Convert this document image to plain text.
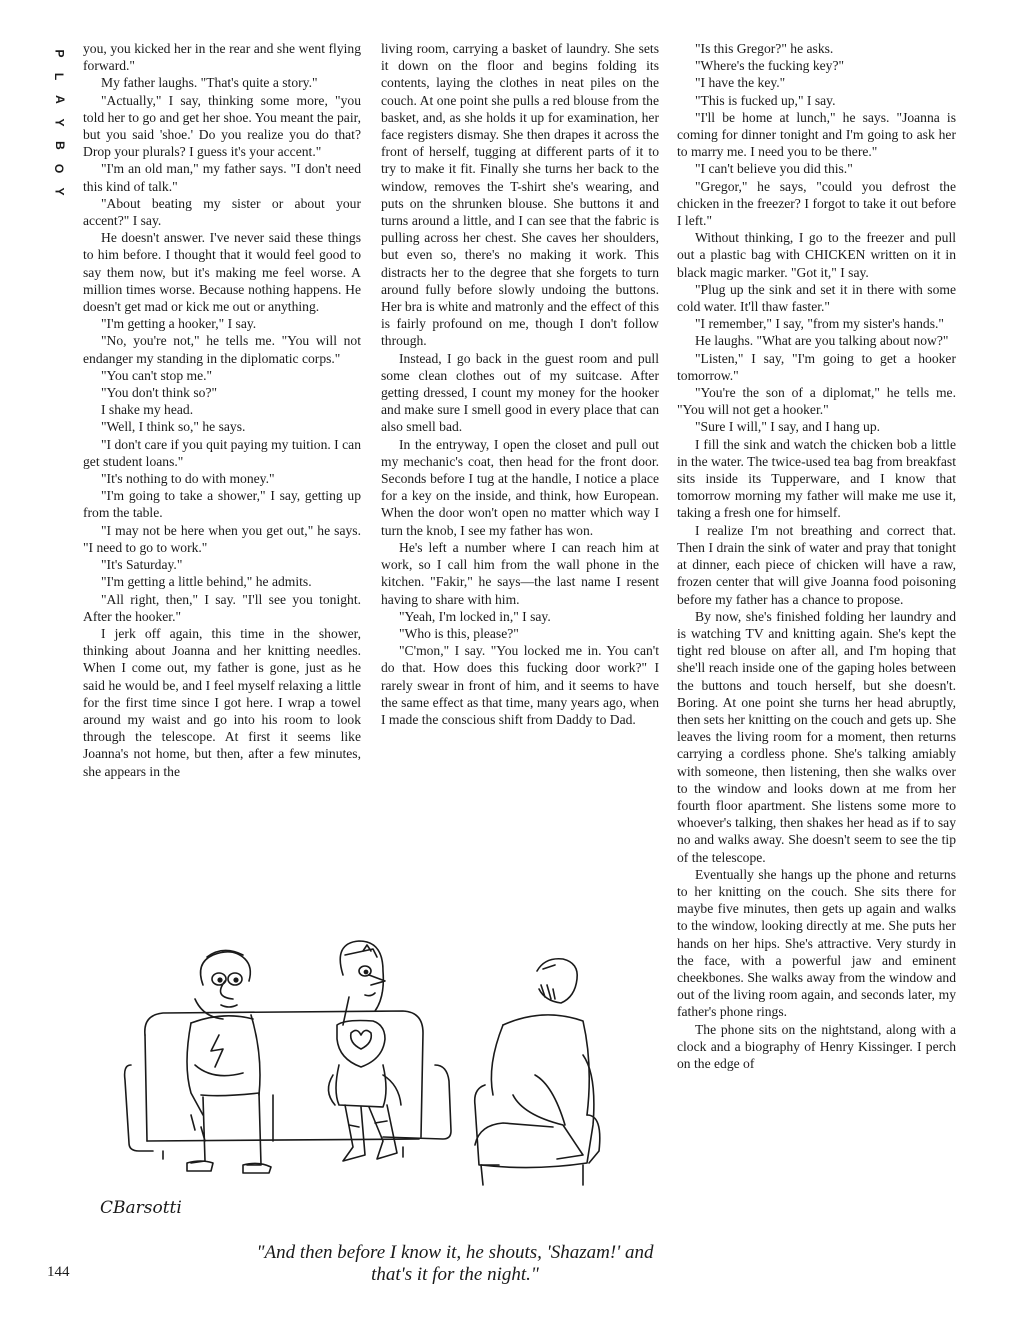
P
L
A
Y
B
O
Y

you, you kicked her in the rear and she went flying forward."

My father laughs. "That's quite a story."

"Actually," I say, thinking some more, "you told her to go and get her shoe. You meant the pair, but you said 'shoe.' Do you realize you do that? Drop your plurals? I guess it's your accent."

"I'm an old man," my father says. "I don't need this kind of talk."

"About beating my sister or about your accent?" I say.

He doesn't answer. I've never said these things to him before. I thought that it would feel good to say them now, but it's making me feel worse. A million times worse. Because nothing happens. He doesn't get mad or kick me out or anything.

"I'm getting a hooker," I say.

"No, you're not," he tells me. "You will not endanger my standing in the diplomatic corps."

"You can't stop me."

"You don't think so?"

I shake my head.

"Well, I think so," he says.

"I don't care if you quit paying my tuition. I can get student loans."

"It's nothing to do with money."

"I'm going to take a shower," I say, getting up from the table.

"I may not be here when you get out," he says. "I need to go to work."

"It's Saturday."

"I'm getting a little behind," he admits.

"All right, then," I say. "I'll see you tonight. After the hooker."

I jerk off again, this time in the shower, thinking about Joanna and her knitting needles. When I come out, my father is gone, just as he said he would be, and I feel myself relaxing a little for the first time since I got here. I wrap a towel around my waist and go into his room to look through the telescope. At first it seems like Joanna's not home, but then, after a few minutes, she appears in the

living room, carrying a basket of laundry. She sets it down on the floor and begins folding its contents, laying the clothes in neat piles on the couch. At one point she pulls a red blouse from the basket, and, as she holds it up for examination, her face registers dismay. She then drapes it across the front of herself, tugging at different parts of it to try to make it fit. Finally she turns her back to the window, removes the T-shirt she's wearing, and puts on the shrunken blouse. She buttons it and turns around a little, and I can see that the fabric is pulling across her chest. She caves her shoulders, but even so, there's no making it work. This distracts her to the degree that she forgets to turn around fully before slowly undoing the buttons. Her bra is white and matronly and the effect of this is fairly profound on me, though I don't follow through.

Instead, I go back in the guest room and pull some clean clothes out of my suitcase. After getting dressed, I count my money for the hooker and make sure I smell good in every place that can also smell bad.

In the entryway, I open the closet and pull out my mechanic's coat, then head for the front door. Seconds before I tug at the handle, I notice a place for a key on the inside, and think, how European. When the door won't open no matter which way I turn the knob, I see my father has won.

He's left a number where I can reach him at work, so I call him from the wall phone in the kitchen. "Fakir," he says—the last name I resent having to share with him.

"Yeah, I'm locked in," I say.

"Who is this, please?"

"C'mon," I say. "You locked me in. You can't do that. How does this fucking door work?" I rarely swear in front of him, and it seems to have the same effect as that time, many years ago, when I made the conscious shift from Daddy to Dad.

"Is this Gregor?" he asks.

"Where's the fucking key?"

"I have the key."

"This is fucked up," I say.

"I'll be home at lunch," he says. "Joanna is coming for dinner tonight and I'm going to ask her to marry me. I need you to be there."

"I can't believe you did this."

"Gregor," he says, "could you defrost the chicken in the freezer? I forgot to take it out before I left."

Without thinking, I go to the freezer and pull out a plastic bag with CHICKEN written on it in black magic marker. "Got it," I say.

"Plug up the sink and set it in there with some cold water. It'll thaw faster."

"I remember," I say, "from my sister's hands."

He laughs. "What are you talking about now?"

"Listen," I say, "I'm going to get a hooker tomorrow."

"You're the son of a diplomat," he tells me. "You will not get a hooker."

"Sure I will," I say, and I hang up.

I fill the sink and watch the chicken bob a little in the water. The twice-used tea bag from breakfast sits inside its Tupperware, and I know that tomorrow morning my father will make me use it, taking a fresh one for himself.

I realize I'm not breathing and correct that. Then I drain the sink of water and pray that tonight at dinner, each piece of chicken will have a raw, frozen center that will give Joanna food poisoning before my father has a chance to propose.

By now, she's finished folding her laundry and is watching TV and knitting again. She's kept the tight red blouse on after all, and I'm hoping that she'll reach inside one of the gaping holes between the buttons and touch herself, but she doesn't. Boring. At one point she turns her head abruptly, then sets her knitting on the couch and gets up. She leaves the living room for a moment, then returns carrying a cordless phone. She's talking amiably with someone, then listening, then she walks over to the window and looks down at me from her fourth floor apartment. She listens some more to whoever's talking, then shakes her head as if to say no and walks away. She doesn't seem to see the tip of the telescope.

Eventually she hangs up the phone and returns to her knitting on the couch. She sits there for maybe five minutes, then gets up again and walks to the window, looking directly at me. She puts her hands on her hips. She's attractive. Very sturdy in the face, with a powerful jaw and eminent cheekbones. She walks away from the window and out of the living room again, and seconds later, my father's phone rings.

The phone sits on the nightstand, along with a clock and a biography of Henry Kissinger. I perch on the edge of

CBarsotti
"And then before I know it, he shouts, 'Shazam!' and that's it for the night."
144
